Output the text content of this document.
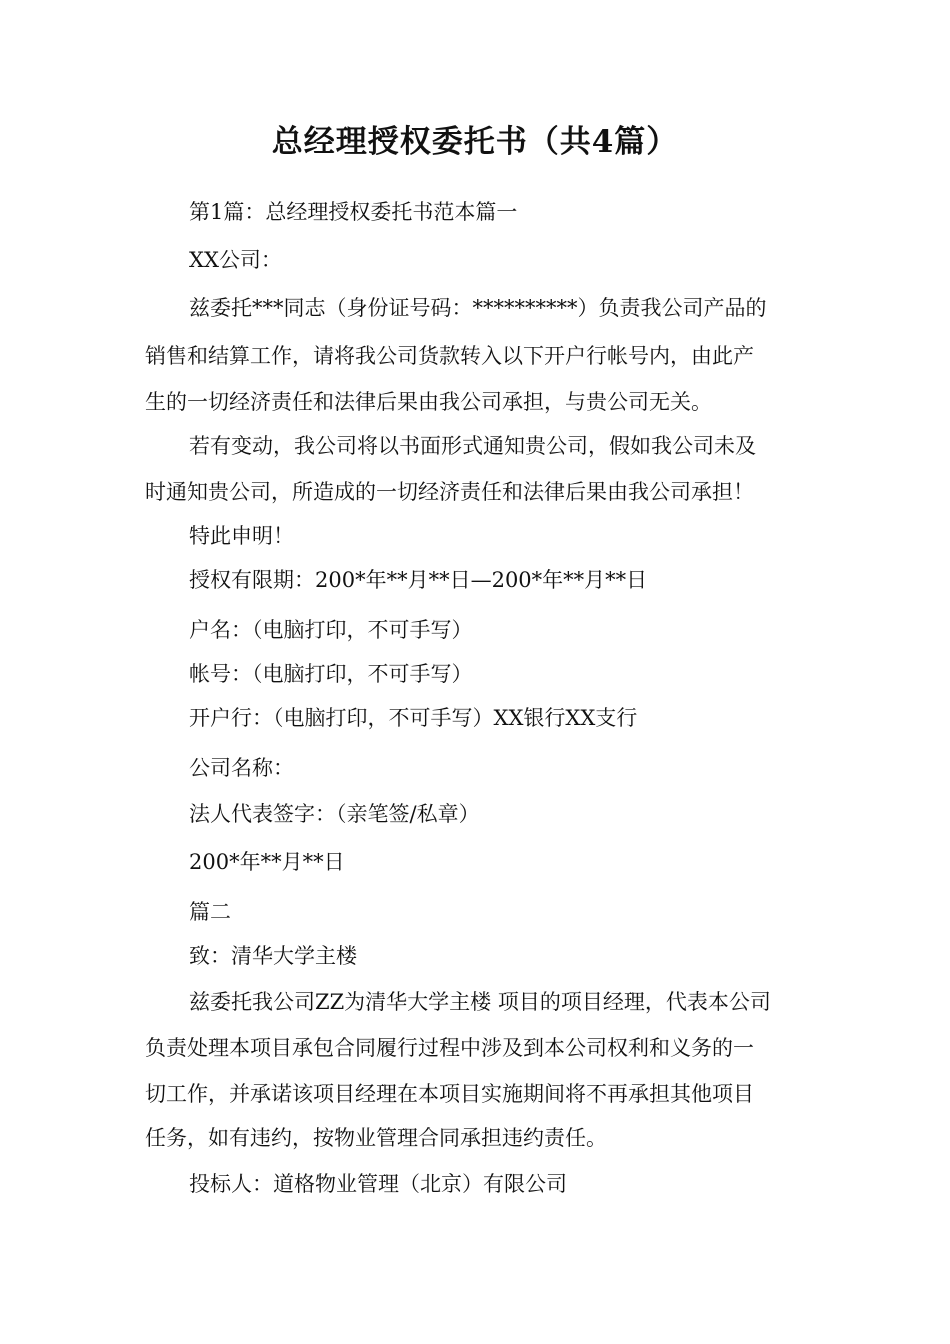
总经理授权委托书（共4篇）
第1篇：总经理授权委托书范本篇一
XX公司：
兹委托***同志（身份证号码：**********）负责我公司产品的
销售和结算工作，请将我公司货款转入以下开户行帐号内，由此产
生的一切经济责任和法律后果由我公司承担，与贵公司无关。
若有变动，我公司将以书面形式通知贵公司，假如我公司未及
时通知贵公司，所造成的一切经济责任和法律后果由我公司承担！
特此申明！
授权有限期：200*年**月**日—200*年**月**日
户名：（电脑打印，不可手写）
帐号：（电脑打印，不可手写）
开户行：（电脑打印，不可手写）XX银行XX支行
公司名称：
法人代表签字：（亲笔签/私章）
200*年**月**日
篇二
致：清华大学主楼
兹委托我公司ZZ为清华大学主楼 项目的项目经理，代表本公司
负责处理本项目承包合同履行过程中涉及到本公司权利和义务的一
切工作，并承诺该项目经理在本项目实施期间将不再承担其他项目
任务，如有违约，按物业管理合同承担违约责任。
投标人：道格物业管理（北京）有限公司
